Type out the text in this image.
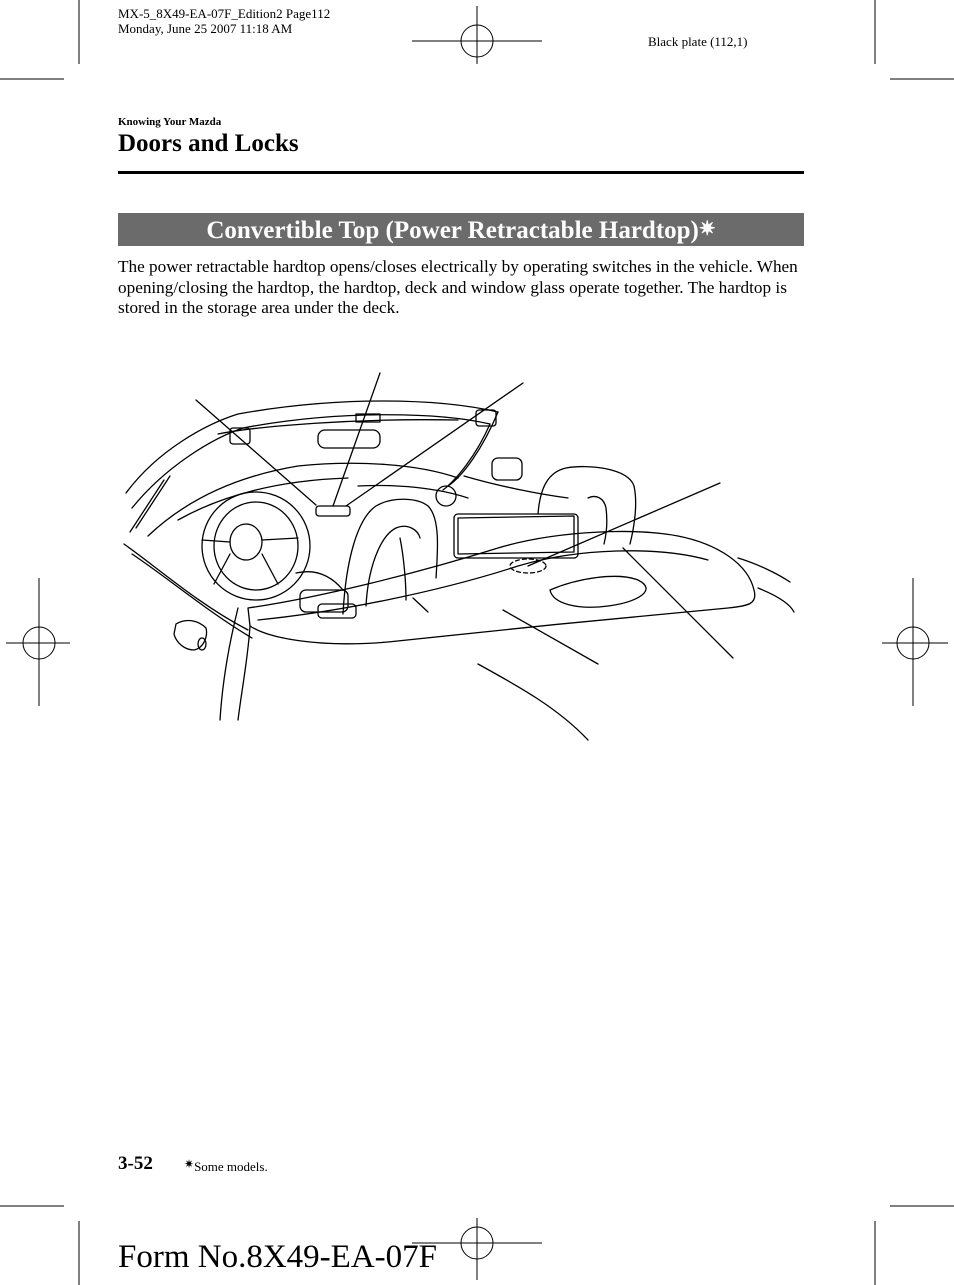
MX-5_8X49-EA-07F_Edition2 Page112
Monday, June 25 2007 11:18 AM
Black plate (112,1)
Knowing Your Mazda
Doors and Locks
Convertible Top (Power Retractable Hardtop)✷
The power retractable hardtop opens/closes electrically by operating switches in the vehicle. When opening/closing the hardtop, the hardtop, deck and window glass operate together. The hardtop is stored in the storage area under the deck.
3-52	✷Some models.
Form No.8X49-EA-07F
